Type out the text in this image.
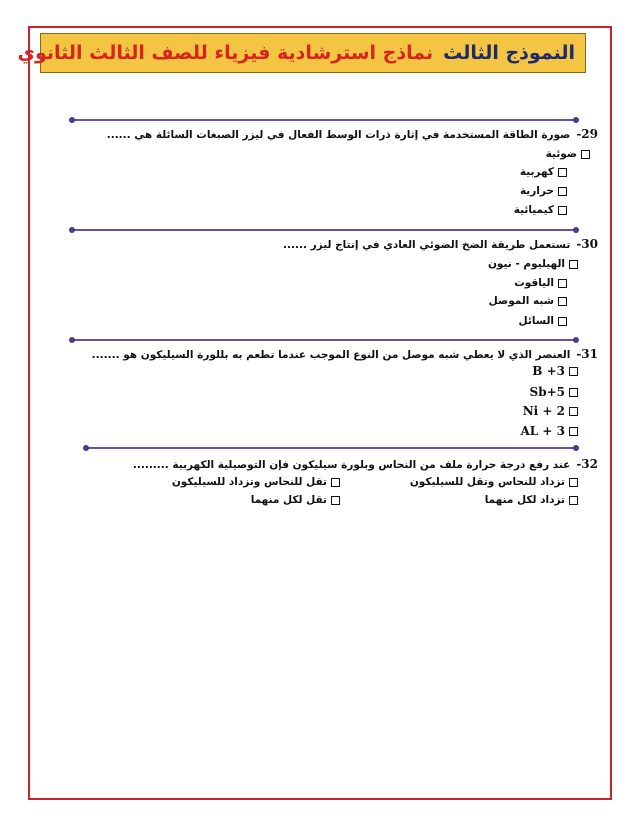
النموذج الثالث
نماذج استرشادية فيزياء للصف الثالث الثانوي
29-صورة الطاقة المستخدمة في إثارة ذرات الوسط الفعال في ليزر الصبغات السائلة هي ......
ضوئية
كهربية
حرارية
كيميائية
30-تستعمل طريقة الضخ الضوئي العادي في إنتاج ليزر ......
الهيليوم - نيون
الياقوت
شبه الموصل
السائل
31-العنصر الذي لا يعطي شبه موصل من النوع الموجب عندما تطعم به بللورة السيليكون هو .......
B +3
Sb+5
Ni + 2
AL + 3
32-عند رفع درجة حرارة ملف من النحاس وبلورة سيليكون فإن التوصيلية الكهربية .........
تزداد للنحاس وتقل للسيليكون
تقل للنحاس وتزداد للسيليكون
تزداد لكل منهما
تقل لكل منهما
